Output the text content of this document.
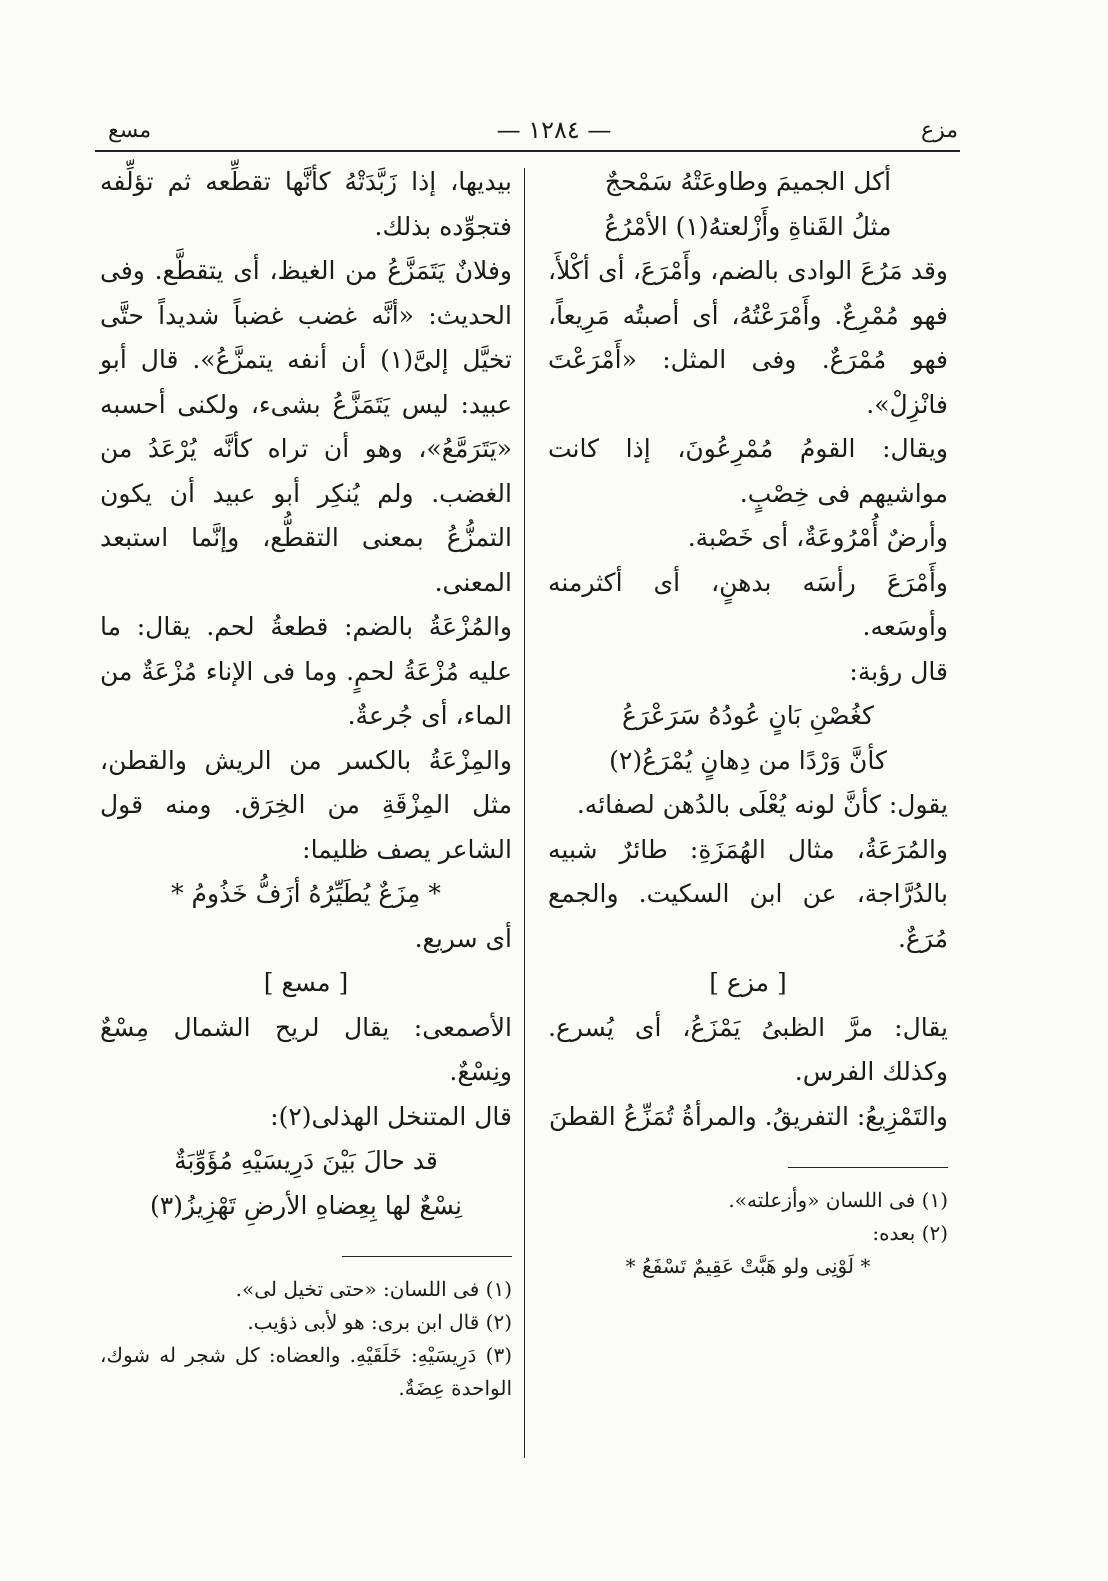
مزع
— ١٢٨٤ —
مسع

أكل الجميمَ وطاوعَتْهُ سَمْحجٌ

مثلُ القَناةِ وأَزْلعتهُ(١) الأمْرُعُ

وقد مَرُعَ الوادى بالضم، وأَمْرَعَ، أى أكْلأَ، فهو مُمْرِعٌ. وأَمْرَعْتُهُ، أى أصبتُه مَرِيعاً، فهو مُمْرَعٌ. وفى المثل: «أَمْرَعْتَ فانْزِلْ».

ويقال: القومُ مُمْرِعُونَ، إذا كانت مواشيهم فى خِصْبٍ.

وأرضٌ أُمْرُوعَةٌ، أى خَصْبة.

وأَمْرَعَ رأسَه بدهنٍ، أى أكثرمنه وأوسَعه.

قال رؤبة:

كغُصْنِ بَانٍ عُودُهُ سَرَعْرَعُ

كأنَّ وَرْدًا من دِهانٍ يُمْرَعُ(٢)

يقول: كأنَّ لونه يُعْلَى بالدُهن لصفائه.

والمُرَعَةُ، مثال الهُمَزَةِ: طائرٌ شبيه بالدُرَّاجة، عن ابن السكيت. والجمع مُرَعٌ.

[ مزع ]

يقال: مرَّ الظبىُ يَمْزَعُ، أى يُسرع. وكذلك الفرس.

والتَمْزِيعُ: التفريقُ. والمرأةُ تُمَزِّعُ القطنَ

(١) فى اللسان «وأزعلته».

(٢) بعده:

* لَوْنِى ولو هَبَّتْ عَقِيمٌ تَسْفَعُ *

بيديها، إذا زَبَّدَتْهُ كأنَّها تقطِّعه ثم تؤلِّفه فتجوِّده بذلك.

وفلانٌ يَتَمَزَّعُ من الغيظ، أى يتقطَّع. وفى الحديث: «أنَّه غضب غضباً شديداً حتَّى تخيَّل إلىَّ(١) أن أنفه يتمزَّعُ». قال أبو عبيد: ليس يَتَمَزَّعُ بشىء، ولكنى أحسبه «يَتَرَمَّعُ»، وهو أن تراه كأنَّه يُرْعَدُ من الغضب. ولم يُنكِر أبو عبيد أن يكون التمزُّعُ بمعنى التقطُّع، وإنَّما استبعد المعنى.

والمُزْعَةُ بالضم: قطعةُ لحم. يقال: ما عليه مُزْعَةُ لحمٍ. وما فى الإناء مُزْعَةٌ من الماء، أى جُرعةٌ.

والمِزْعَةُ بالكسر من الريش والقطن، مثل المِزْقَةِ من الخِرَق. ومنه قول الشاعر يصف ظليما:

* مِزَعٌ يُطَيِّرُهُ أزَفُّ خَذُومُ *

أى سريع.

[ مسع ]

الأصمعى: يقال لريح الشمال مِسْعٌ ونِسْعٌ.

قال المتنخل الهذلى(٢):

قد حالَ بَيْنَ دَرِيسَيْهِ مُؤَوِّبَةٌ

نِسْعٌ لها بِعِضاهِ الأرضِ تَهْزِيزُ(٣)

(١) فى اللسان: «حتى تخيل لى».

(٢) قال ابن برى: هو لأبى ذؤيب.

(٣) دَرِيسَيْهِ: خَلَقَيْهِ. والعضاه: كل شجر له شوك، الواحدة عِضَةٌ.
